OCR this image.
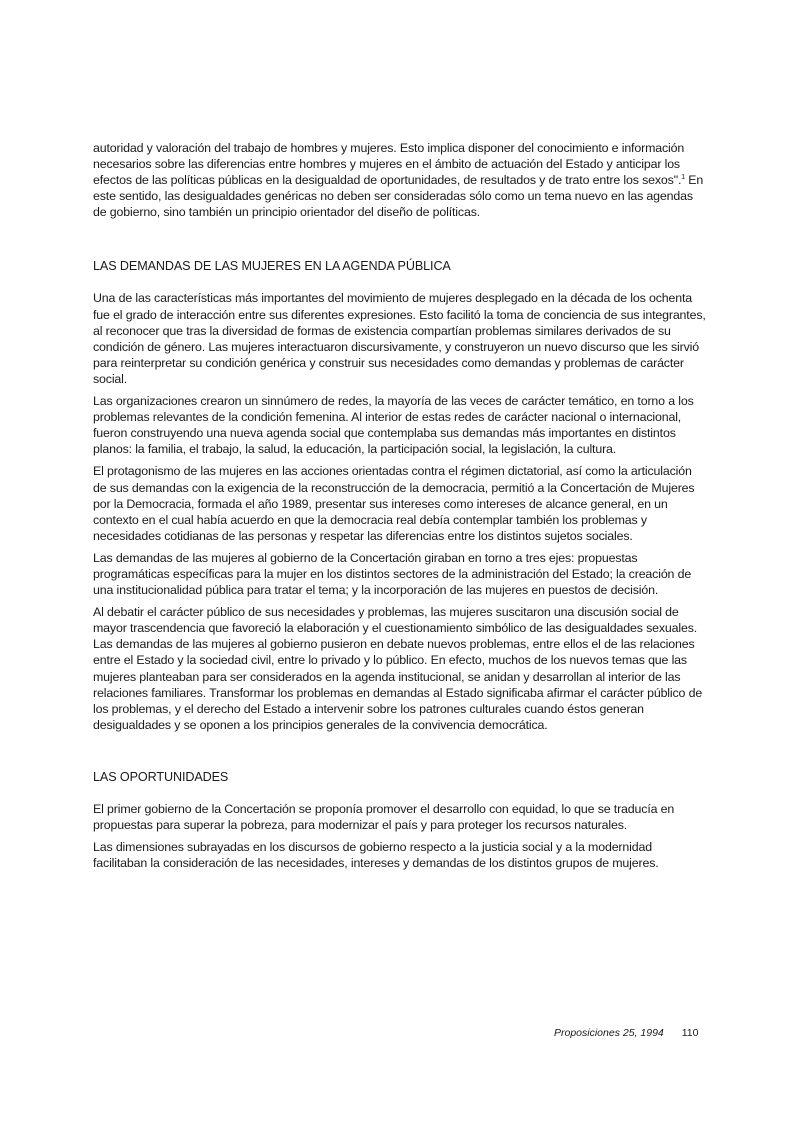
autoridad y valoración del trabajo de hombres y mujeres. Esto implica disponer del conocimiento e información necesarios sobre las diferencias entre hombres y mujeres en el ámbito de actuación del Estado y anticipar los efectos de las políticas públicas en la desigualdad de oportunidades, de resultados y de trato entre los sexos".$^1$ En este sentido, las desigualdades genéricas no deben ser consideradas sólo como un tema nuevo en las agendas de gobierno, sino también un principio orientador del diseño de políticas.

LAS DEMANDAS DE LAS MUJERES EN LA AGENDA PÚBLICA

Una de las características más importantes del movimiento de mujeres desplegado en la década de los ochenta fue el grado de interacción entre sus diferentes expresiones. Esto facilitó la toma de conciencia de sus integrantes, al reconocer que tras la diversidad de formas de existencia compartían problemas similares derivados de su condición de género. Las mujeres interactuaron discursivamente, y construyeron un nuevo discurso que les sirvió para reinterpretar su condición genérica y construir sus necesidades como demandas y problemas de carácter social.

Las organizaciones crearon un sinnúmero de redes, la mayoría de las veces de carácter temático, en torno a los problemas relevantes de la condición femenina. Al interior de estas redes de carácter nacional o internacional, fueron construyendo una nueva agenda social que contemplaba sus demandas más importantes en distintos planos: la familia, el trabajo, la salud, la educación, la participación social, la legislación, la cultura.

El protagonismo de las mujeres en las acciones orientadas contra el régimen dictatorial, así como la articulación de sus demandas con la exigencia de la reconstrucción de la democracia, permitió a la Concertación de Mujeres por la Democracia, formada el año 1989, presentar sus intereses como intereses de alcance general, en un contexto en el cual había acuerdo en que la democracia real debía contemplar también los problemas y necesidades cotidianas de las personas y respetar las diferencias entre los distintos sujetos sociales.

Las demandas de las mujeres al gobierno de la Concertación giraban en torno a tres ejes: propuestas programáticas específicas para la mujer en los distintos sectores de la administración del Estado; la creación de una institucionalidad pública para tratar el tema; y la incorporación de las mujeres en puestos de decisión.

Al debatir el carácter público de sus necesidades y problemas, las mujeres suscitaron una discusión social de mayor trascendencia que favoreció la elaboración y el cuestionamiento simbólico de las desigualdades sexuales. Las demandas de las mujeres al gobierno pusieron en debate nuevos problemas, entre ellos el de las relaciones entre el Estado y la sociedad civil, entre lo privado y lo público. En efecto, muchos de los nuevos temas que las mujeres planteaban para ser considerados en la agenda institucional, se anidan y desarrollan al interior de las relaciones familiares. Transformar los problemas en demandas al Estado significaba afirmar el carácter público de los problemas, y el derecho del Estado a intervenir sobre los patrones culturales cuando éstos generan desigualdades y se oponen a los principios generales de la convivencia democrática.

LAS OPORTUNIDADES

El primer gobierno de la Concertación se proponía promover el desarrollo con equidad, lo que se traducía en propuestas para superar la pobreza, para modernizar el país y para proteger los recursos naturales.

Las dimensiones subrayadas en los discursos de gobierno respecto a la justicia social y a la modernidad facilitaban la consideración de las necesidades, intereses y demandas de los distintos grupos de mujeres.

Proposiciones 25, 1994 110
